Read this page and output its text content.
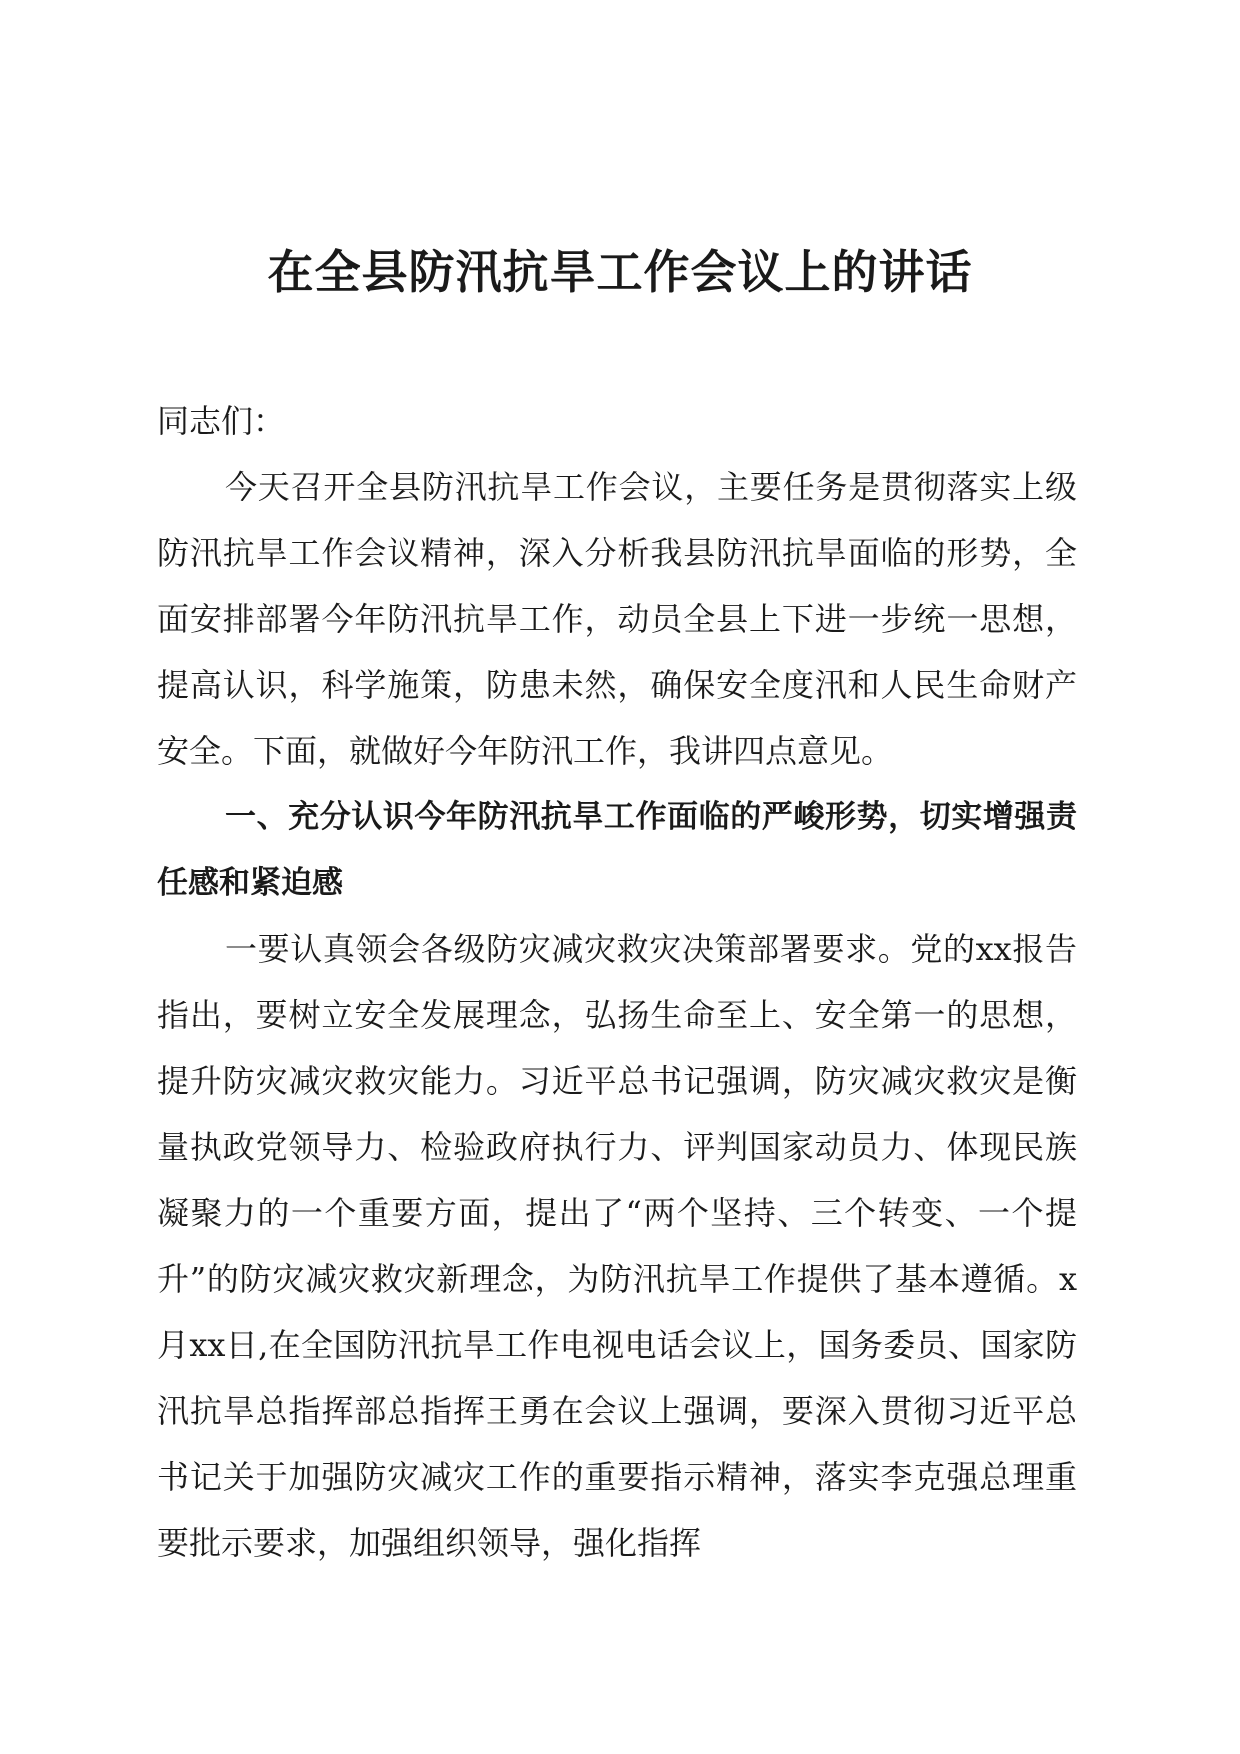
在全县防汛抗旱工作会议上的讲话

同志们：

今天召开全县防汛抗旱工作会议，主要任务是贯彻落实上级防汛抗旱工作会议精神，深入分析我县防汛抗旱面临的形势，全面安排部署今年防汛抗旱工作，动员全县上下进一步统一思想，提高认识，科学施策，防患未然，确保安全度汛和人民生命财产安全。下面，就做好今年防汛工作，我讲四点意见。

一、充分认识今年防汛抗旱工作面临的严峻形势，切实增强责任感和紧迫感

一要认真领会各级防灾减灾救灾决策部署要求。党的xx报告指出，要树立安全发展理念，弘扬生命至上、安全第一的思想，提升防灾减灾救灾能力。习近平总书记强调，防灾减灾救灾是衡量执政党领导力、检验政府执行力、评判国家动员力、体现民族凝聚力的一个重要方面，提出了“两个坚持、三个转变、一个提升”的防灾减灾救灾新理念，为防汛抗旱工作提供了基本遵循。x月xx日,在全国防汛抗旱工作电视电话会议上，国务委员、国家防汛抗旱总指挥部总指挥王勇在会议上强调，要深入贯彻习近平总书记关于加强防灾减灾工作的重要指示精神，落实李克强总理重要批示要求，加强组织领导，强化指挥
